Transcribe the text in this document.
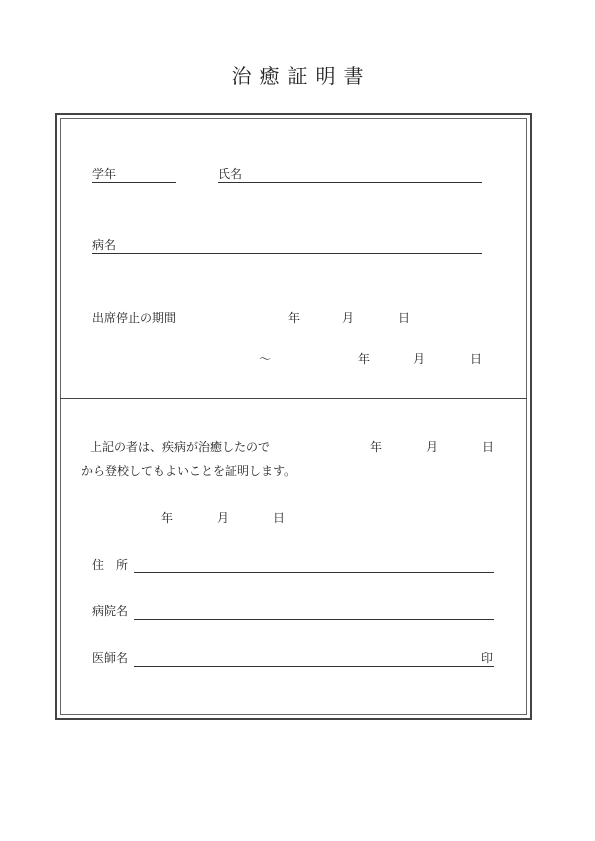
治癒証明書
学年	氏名
病名
出席停止の期間	年	月	日
～	年	月	日
上記の者は、疾病が治癒したので	年	月	日
から登校してもよいことを証明します。
年	月	日
住　所
病院名
医師名	印
